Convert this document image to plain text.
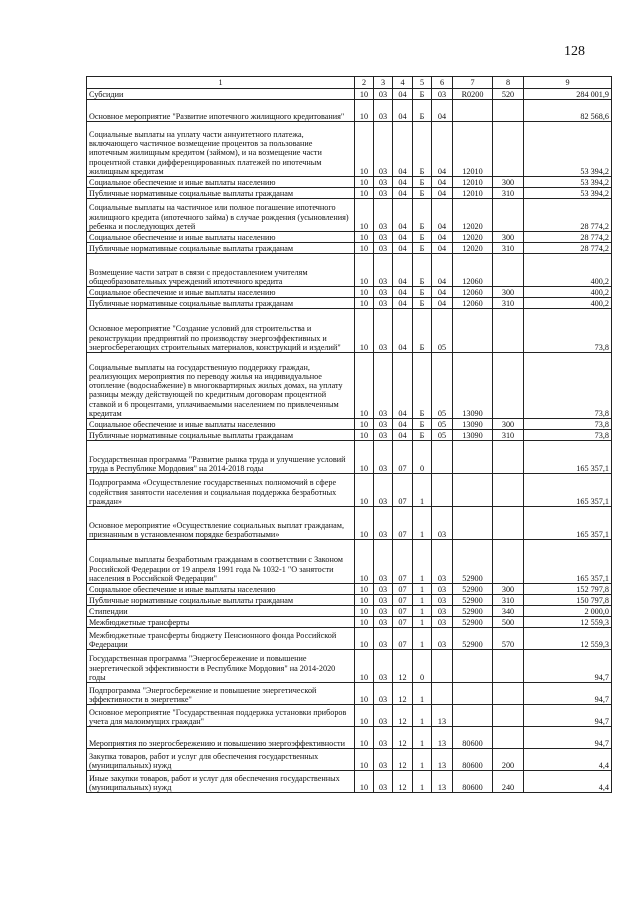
128
1	2	3	4	5	6	7	8	9
Субсидии	10	03	04	Б	03	R0200	520	284 001,9
Основное мероприятие "Развитие ипотечного жилищного кредитования"	10	03	04	Б	04			82 568,6
Социальные выплаты на уплату части аннуитетного платежа, включающего частичное возмещение процентов за пользование ипотечным жилищным кредитом (займом), и на возмещение части процентной ставки дифференцированных платежей по ипотечным жилищным кредитам	10	03	04	Б	04	12010		53 394,2
Социальное обеспечение и иные выплаты населению	10	03	04	Б	04	12010	300	53 394,2
Публичные нормативные социальные выплаты гражданам	10	03	04	Б	04	12010	310	53 394,2
Социальные выплаты на частичное или полное погашение ипотечного жилищного кредита (ипотечного займа) в случае рождения (усыновления) ребенка и последующих детей	10	03	04	Б	04	12020		28 774,2
Социальное обеспечение и иные выплаты населению	10	03	04	Б	04	12020	300	28 774,2
Публичные нормативные социальные выплаты гражданам	10	03	04	Б	04	12020	310	28 774,2
Возмещение части затрат в связи с предоставлением учителям общеобразовательных учреждений ипотечного кредита	10	03	04	Б	04	12060		400,2
Социальное обеспечение и иные выплаты населению	10	03	04	Б	04	12060	300	400,2
Публичные нормативные социальные выплаты гражданам	10	03	04	Б	04	12060	310	400,2
Основное мероприятие "Создание условий для строительства и реконструкции предприятий по производству энергоэффективных и энергосберегающих строительных материалов, конструкций и изделий"	10	03	04	Б	05			73,8
Социальные выплаты на государственную поддержку граждан, реализующих мероприятия по переводу жилья на индивидуальное отопление (водоснабжение) в многоквартирных жилых домах, на уплату разницы между действующей по кредитным договорам процентной ставкой и 6 процентами, уплачиваемыми населением по привлеченным кредитам	10	03	04	Б	05	13090		73,8
Социальное обеспечение и иные выплаты населению	10	03	04	Б	05	13090	300	73,8
Публичные нормативные социальные выплаты гражданам	10	03	04	Б	05	13090	310	73,8
Государственная программа "Развитие рынка труда и улучшение условий труда в Республике Мордовия" на 2014-2018 годы	10	03	07	0				165 357,1
Подпрограмма «Осуществление государственных полномочий в сфере содействия занятости населения и социальная поддержка безработных граждан»	10	03	07	1				165 357,1
Основное мероприятие «Осуществление социальных выплат гражданам, признанным в установленном порядке безработными»	10	03	07	1	03			165 357,1
Социальные выплаты безработным гражданам в соответствии с Законом Российской Федерации от 19 апреля 1991 года № 1032-1 "О занятости населения в Российской Федерации"	10	03	07	1	03	52900		165 357,1
Социальное обеспечение и иные выплаты населению	10	03	07	1	03	52900	300	152 797,8
Публичные нормативные социальные выплаты гражданам	10	03	07	1	03	52900	310	150 797,8
Стипендии	10	03	07	1	03	52900	340	2 000,0
Межбюджетные трансферты	10	03	07	1	03	52900	500	12 559,3
Межбюджетные трансферты бюджету Пенсионного фонда Российской Федерации	10	03	07	1	03	52900	570	12 559,3
Государственная программа "Энергосбережение и повышение энергетической эффективности в Республике Мордовия" на 2014-2020 годы	10	03	12	0				94,7
Подпрограмма "Энергосбережение и повышение энергетической эффективности в энергетике"	10	03	12	1				94,7
Основное мероприятие "Государственная поддержка установки приборов учета для малоимущих граждан"	10	03	12	1	13			94,7
Мероприятия по энергосбережению и повышению энергоэффективности	10	03	12	1	13	80600		94,7
Закупка товаров, работ и услуг для обеспечения государственных (муниципальных) нужд	10	03	12	1	13	80600	200	4,4
Иные закупки товаров, работ и услуг для обеспечения государственных (муниципальных) нужд	10	03	12	1	13	80600	240	4,4
